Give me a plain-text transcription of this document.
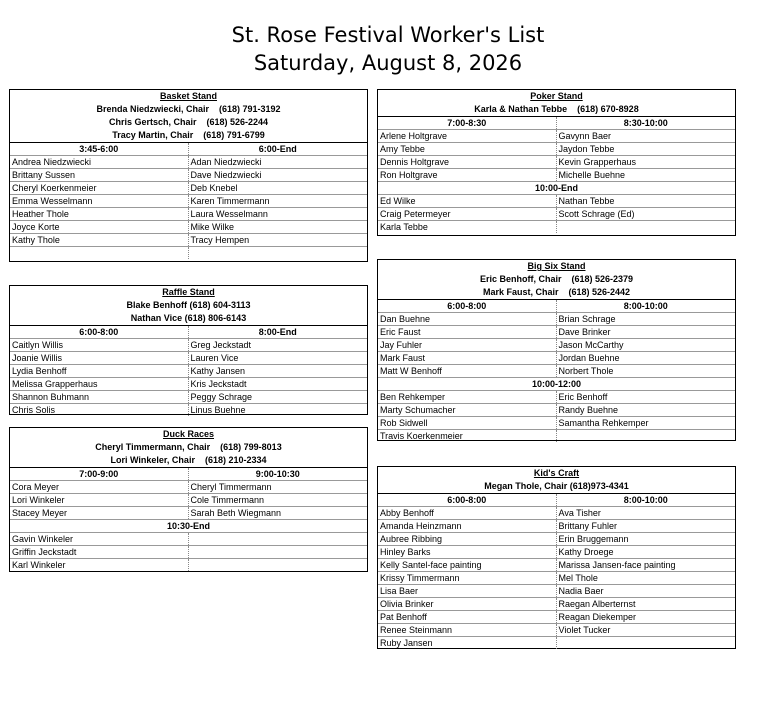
St. Rose Festival Worker's List
Saturday, August 8, 2026
Basket Stand
Brenda Niedzwiecki, Chair    (618) 791-3192
Chris Gertsch, Chair    (618) 526-2244
Tracy Martin, Chair    (618) 791-6799
3:45-6:00	6:00-End
Andrea Niedzwiecki	Adan Niedzwiecki
Brittany Sussen	Dave Niedzwiecki
Cheryl Koerkenmeier	Deb Knebel
Emma Wesselmann	Karen Timmermann
Heather Thole	Laura Wesselmann
Joyce Korte	Mike Wilke
Kathy Thole	Tracy Hempen
Raffle Stand
Blake Benhoff (618) 604-3113
Nathan Vice (618) 806-6143
6:00-8:00	8:00-End
Caitlyn Willis	Greg Jeckstadt
Joanie Willis	Lauren Vice
Lydia Benhoff	Kathy Jansen
Melissa Grapperhaus	Kris Jeckstadt
Shannon Buhmann	Peggy Schrage
Chris Solis	Linus Buehne
Duck Races
Cheryl Timmermann, Chair    (618) 799-8013
Lori Winkeler, Chair    (618) 210-2334
7:00-9:00	9:00-10:30
Cora Meyer	Cheryl Timmermann
Lori Winkeler	Cole Timmermann
Stacey Meyer	Sarah Beth Wiegmann
10:30-End
Gavin Winkeler
Griffin Jeckstadt
Karl Winkeler
Poker Stand
Karla & Nathan Tebbe    (618) 670-8928
7:00-8:30	8:30-10:00
Arlene Holtgrave	Gavynn Baer
Amy Tebbe	Jaydon Tebbe
Dennis Holtgrave	Kevin Grapperhaus
Ron Holtgrave	Michelle Buehne
10:00-End
Ed Wilke	Nathan Tebbe
Craig Petermeyer	Scott Schrage (Ed)
Karla Tebbe
Big Six Stand
Eric Benhoff, Chair    (618) 526-2379
Mark Faust, Chair    (618) 526-2442
6:00-8:00	8:00-10:00
Dan Buehne	Brian Schrage
Eric Faust	Dave Brinker
Jay Fuhler	Jason McCarthy
Mark Faust	Jordan Buehne
Matt W Benhoff	Norbert Thole
10:00-12:00
Ben Rehkemper	Eric Benhoff
Marty Schumacher	Randy Buehne
Rob Sidwell	Samantha Rehkemper
Travis Koerkenmeier
Kid's Craft
Megan Thole, Chair (618)973-4341
6:00-8:00	8:00-10:00
Abby Benhoff	Ava Tisher
Amanda Heinzmann	Brittany Fuhler
Aubree Ribbing	Erin Bruggemann
Hinley Barks	Kathy Droege
Kelly Santel-face painting	Marissa Jansen-face painting
Krissy Timmermann	Mel Thole
Lisa Baer	Nadia Baer
Olivia Brinker	Raegan Alberternst
Pat Benhoff	Reagan Diekemper
Renee Steinmann	Violet Tucker
Ruby Jansen
